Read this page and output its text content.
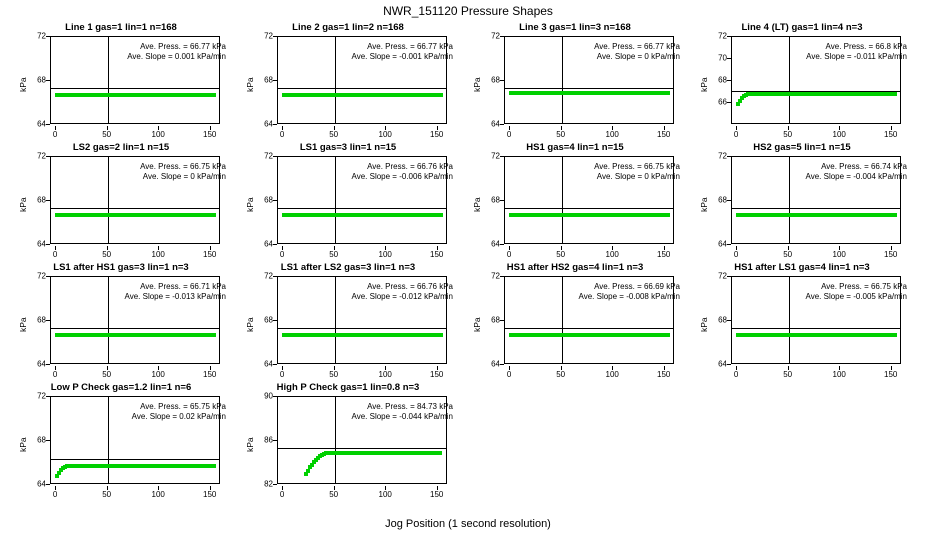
NWR_151120 Pressure Shapes
Jog Position (1 second resolution)
Line 1 gas=1 lin=1 n=168
kPa
Ave. Press. = 66.77 kPa
Ave. Slope = 0.001 kPa/min
64
68
72
0	50	100	150
Line 2 gas=1 lin=2 n=168
kPa
Ave. Press. = 66.77 kPa
Ave. Slope = -0.001 kPa/min
64
68
72
0	50	100	150
Line 3 gas=1 lin=3 n=168
kPa
Ave. Press. = 66.77 kPa
Ave. Slope = 0 kPa/min
64
68
72
0	50	100	150
Line 4 (LT) gas=1 lin=4 n=3
kPa
Ave. Press. = 66.8 kPa
Ave. Slope = -0.011 kPa/min
66
68
70
72
0	50	100	150
LS2 gas=2 lin=1 n=15
kPa
Ave. Press. = 66.75 kPa
Ave. Slope = 0 kPa/min
64
68
72
0	50	100	150
LS1 gas=3 lin=1 n=15
kPa
Ave. Press. = 66.76 kPa
Ave. Slope = -0.006 kPa/min
64
68
72
0	50	100	150
HS1 gas=4 lin=1 n=15
kPa
Ave. Press. = 66.75 kPa
Ave. Slope = 0 kPa/min
64
68
72
0	50	100	150
HS2 gas=5 lin=1 n=15
kPa
Ave. Press. = 66.74 kPa
Ave. Slope = -0.004 kPa/min
64
68
72
0	50	100	150
LS1 after HS1 gas=3 lin=1 n=3
kPa
Ave. Press. = 66.71 kPa
Ave. Slope = -0.013 kPa/min
64
68
72
0	50	100	150
LS1 after LS2 gas=3 lin=1 n=3
kPa
Ave. Press. = 66.76 kPa
Ave. Slope = -0.012 kPa/min
64
68
72
0	50	100	150
HS1 after HS2 gas=4 lin=1 n=3
kPa
Ave. Press. = 66.69 kPa
Ave. Slope = -0.008 kPa/min
64
68
72
0	50	100	150
HS1 after LS1 gas=4 lin=1 n=3
kPa
Ave. Press. = 66.75 kPa
Ave. Slope = -0.005 kPa/min
64
68
72
0	50	100	150
Low P Check gas=1.2 lin=1 n=6
kPa
Ave. Press. = 65.75 kPa
Ave. Slope = 0.02 kPa/min
64
68
72
0	50	100	150
High P Check gas=1 lin=0.8 n=3
kPa
Ave. Press. = 84.73 kPa
Ave. Slope = -0.044 kPa/min
82
86
90
0	50	100	150
